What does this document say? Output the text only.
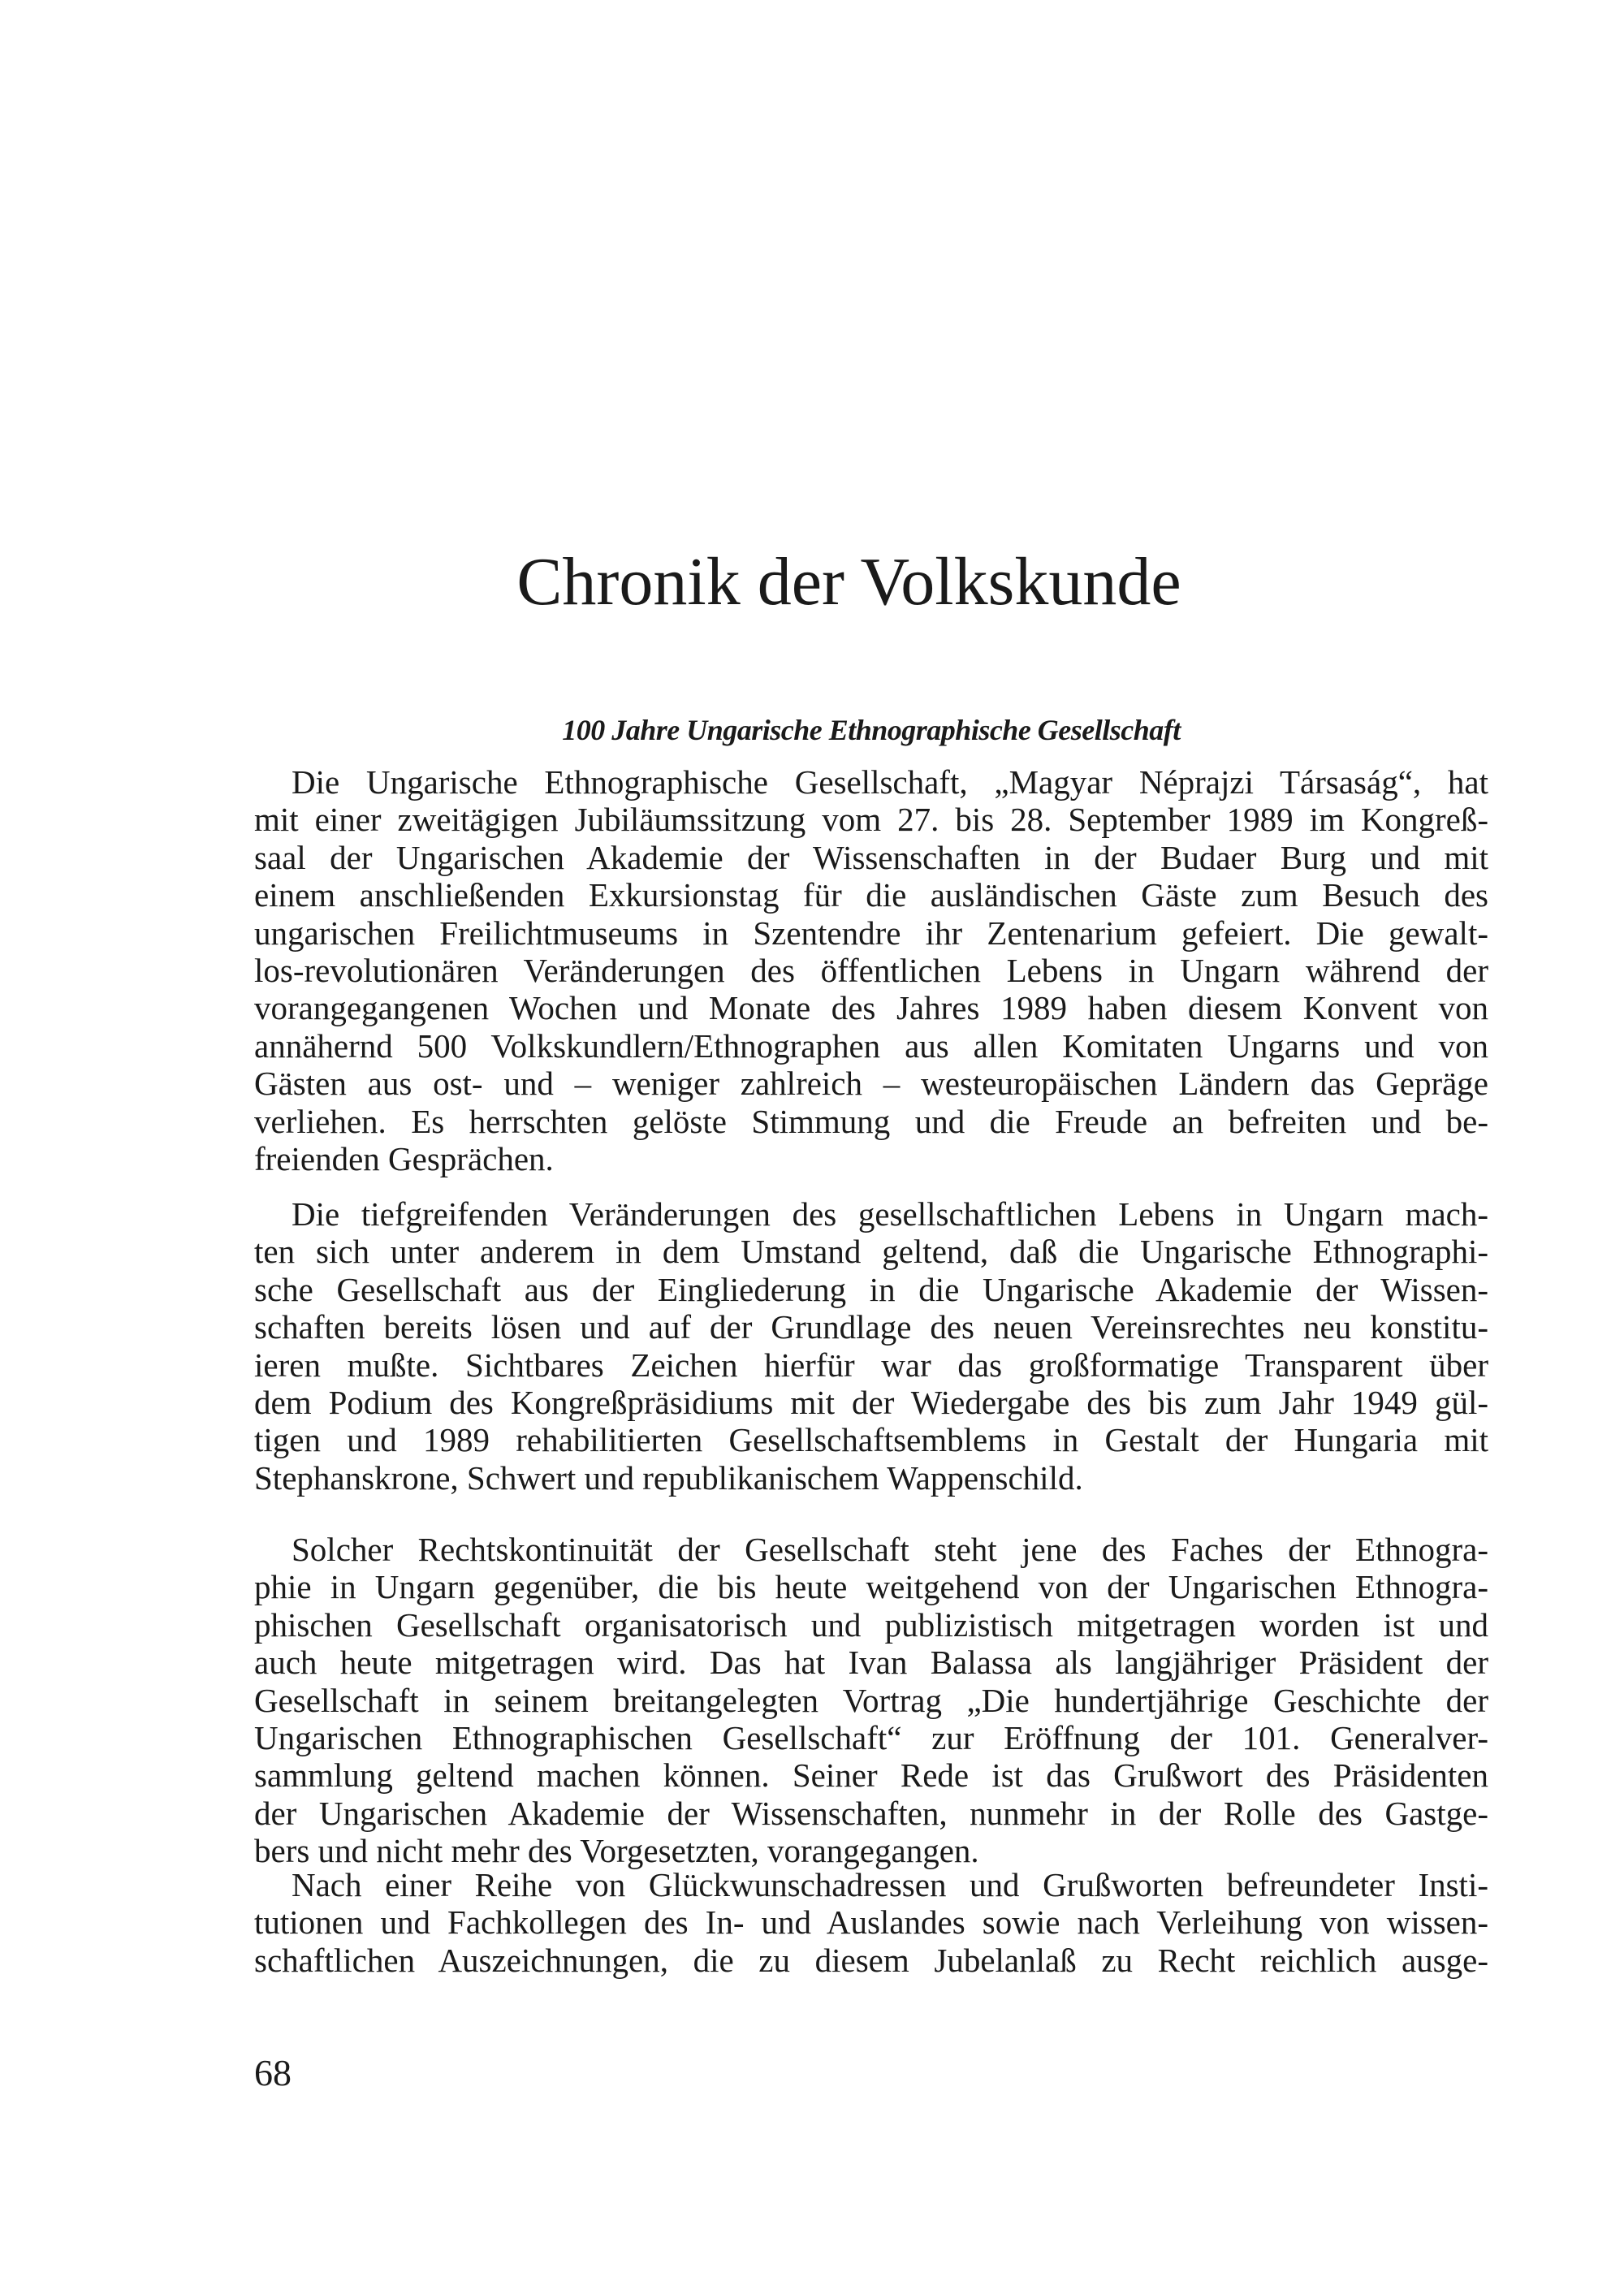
Chronik der Volkskunde
100 Jahre Ungarische Ethnographische Gesellschaft
Die Ungarische Ethnographische Gesellschaft, „Magyar Néprajzi Társaság“, hat
mit einer zweitägigen Jubiläumssitzung vom 27. bis 28. September 1989 im Kongreß-
saal der Ungarischen Akademie der Wissenschaften in der Budaer Burg und mit
einem anschließenden Exkursionstag für die ausländischen Gäste zum Besuch des
ungarischen Freilichtmuseums in Szentendre ihr Zentenarium gefeiert. Die gewalt-
los-revolutionären Veränderungen des öffentlichen Lebens in Ungarn während der
vorangegangenen Wochen und Monate des Jahres 1989 haben diesem Konvent von
annähernd 500 Volkskundlern/Ethnographen aus allen Komitaten Ungarns und von
Gästen aus ost- und – weniger zahlreich – westeuropäischen Ländern das Gepräge
verliehen. Es herrschten gelöste Stimmung und die Freude an befreiten und be-
freienden Gesprächen.
Die tiefgreifenden Veränderungen des gesellschaftlichen Lebens in Ungarn mach-
ten sich unter anderem in dem Umstand geltend, daß die Ungarische Ethnographi-
sche Gesellschaft aus der Eingliederung in die Ungarische Akademie der Wissen-
schaften bereits lösen und auf der Grundlage des neuen Vereinsrechtes neu konstitu-
ieren mußte. Sichtbares Zeichen hierfür war das großformatige Transparent über
dem Podium des Kongreßpräsidiums mit der Wiedergabe des bis zum Jahr 1949 gül-
tigen und 1989 rehabilitierten Gesellschaftsemblems in Gestalt der Hungaria mit
Stephanskrone, Schwert und republikanischem Wappenschild.
Solcher Rechtskontinuität der Gesellschaft steht jene des Faches der Ethnogra-
phie in Ungarn gegenüber, die bis heute weitgehend von der Ungarischen Ethnogra-
phischen Gesellschaft organisatorisch und publizistisch mitgetragen worden ist und
auch heute mitgetragen wird. Das hat Ivan Balassa als langjähriger Präsident der
Gesellschaft in seinem breitangelegten Vortrag „Die hundertjährige Geschichte der
Ungarischen Ethnographischen Gesellschaft“ zur Eröffnung der 101. Generalver-
sammlung geltend machen können. Seiner Rede ist das Grußwort des Präsidenten
der Ungarischen Akademie der Wissenschaften, nunmehr in der Rolle des Gastge-
bers und nicht mehr des Vorgesetzten, vorangegangen.
Nach einer Reihe von Glückwunschadressen und Grußworten befreundeter Insti-
tutionen und Fachkollegen des In- und Auslandes sowie nach Verleihung von wissen-
schaftlichen Auszeichnungen, die zu diesem Jubelanlaß zu Recht reichlich ausge-
68
